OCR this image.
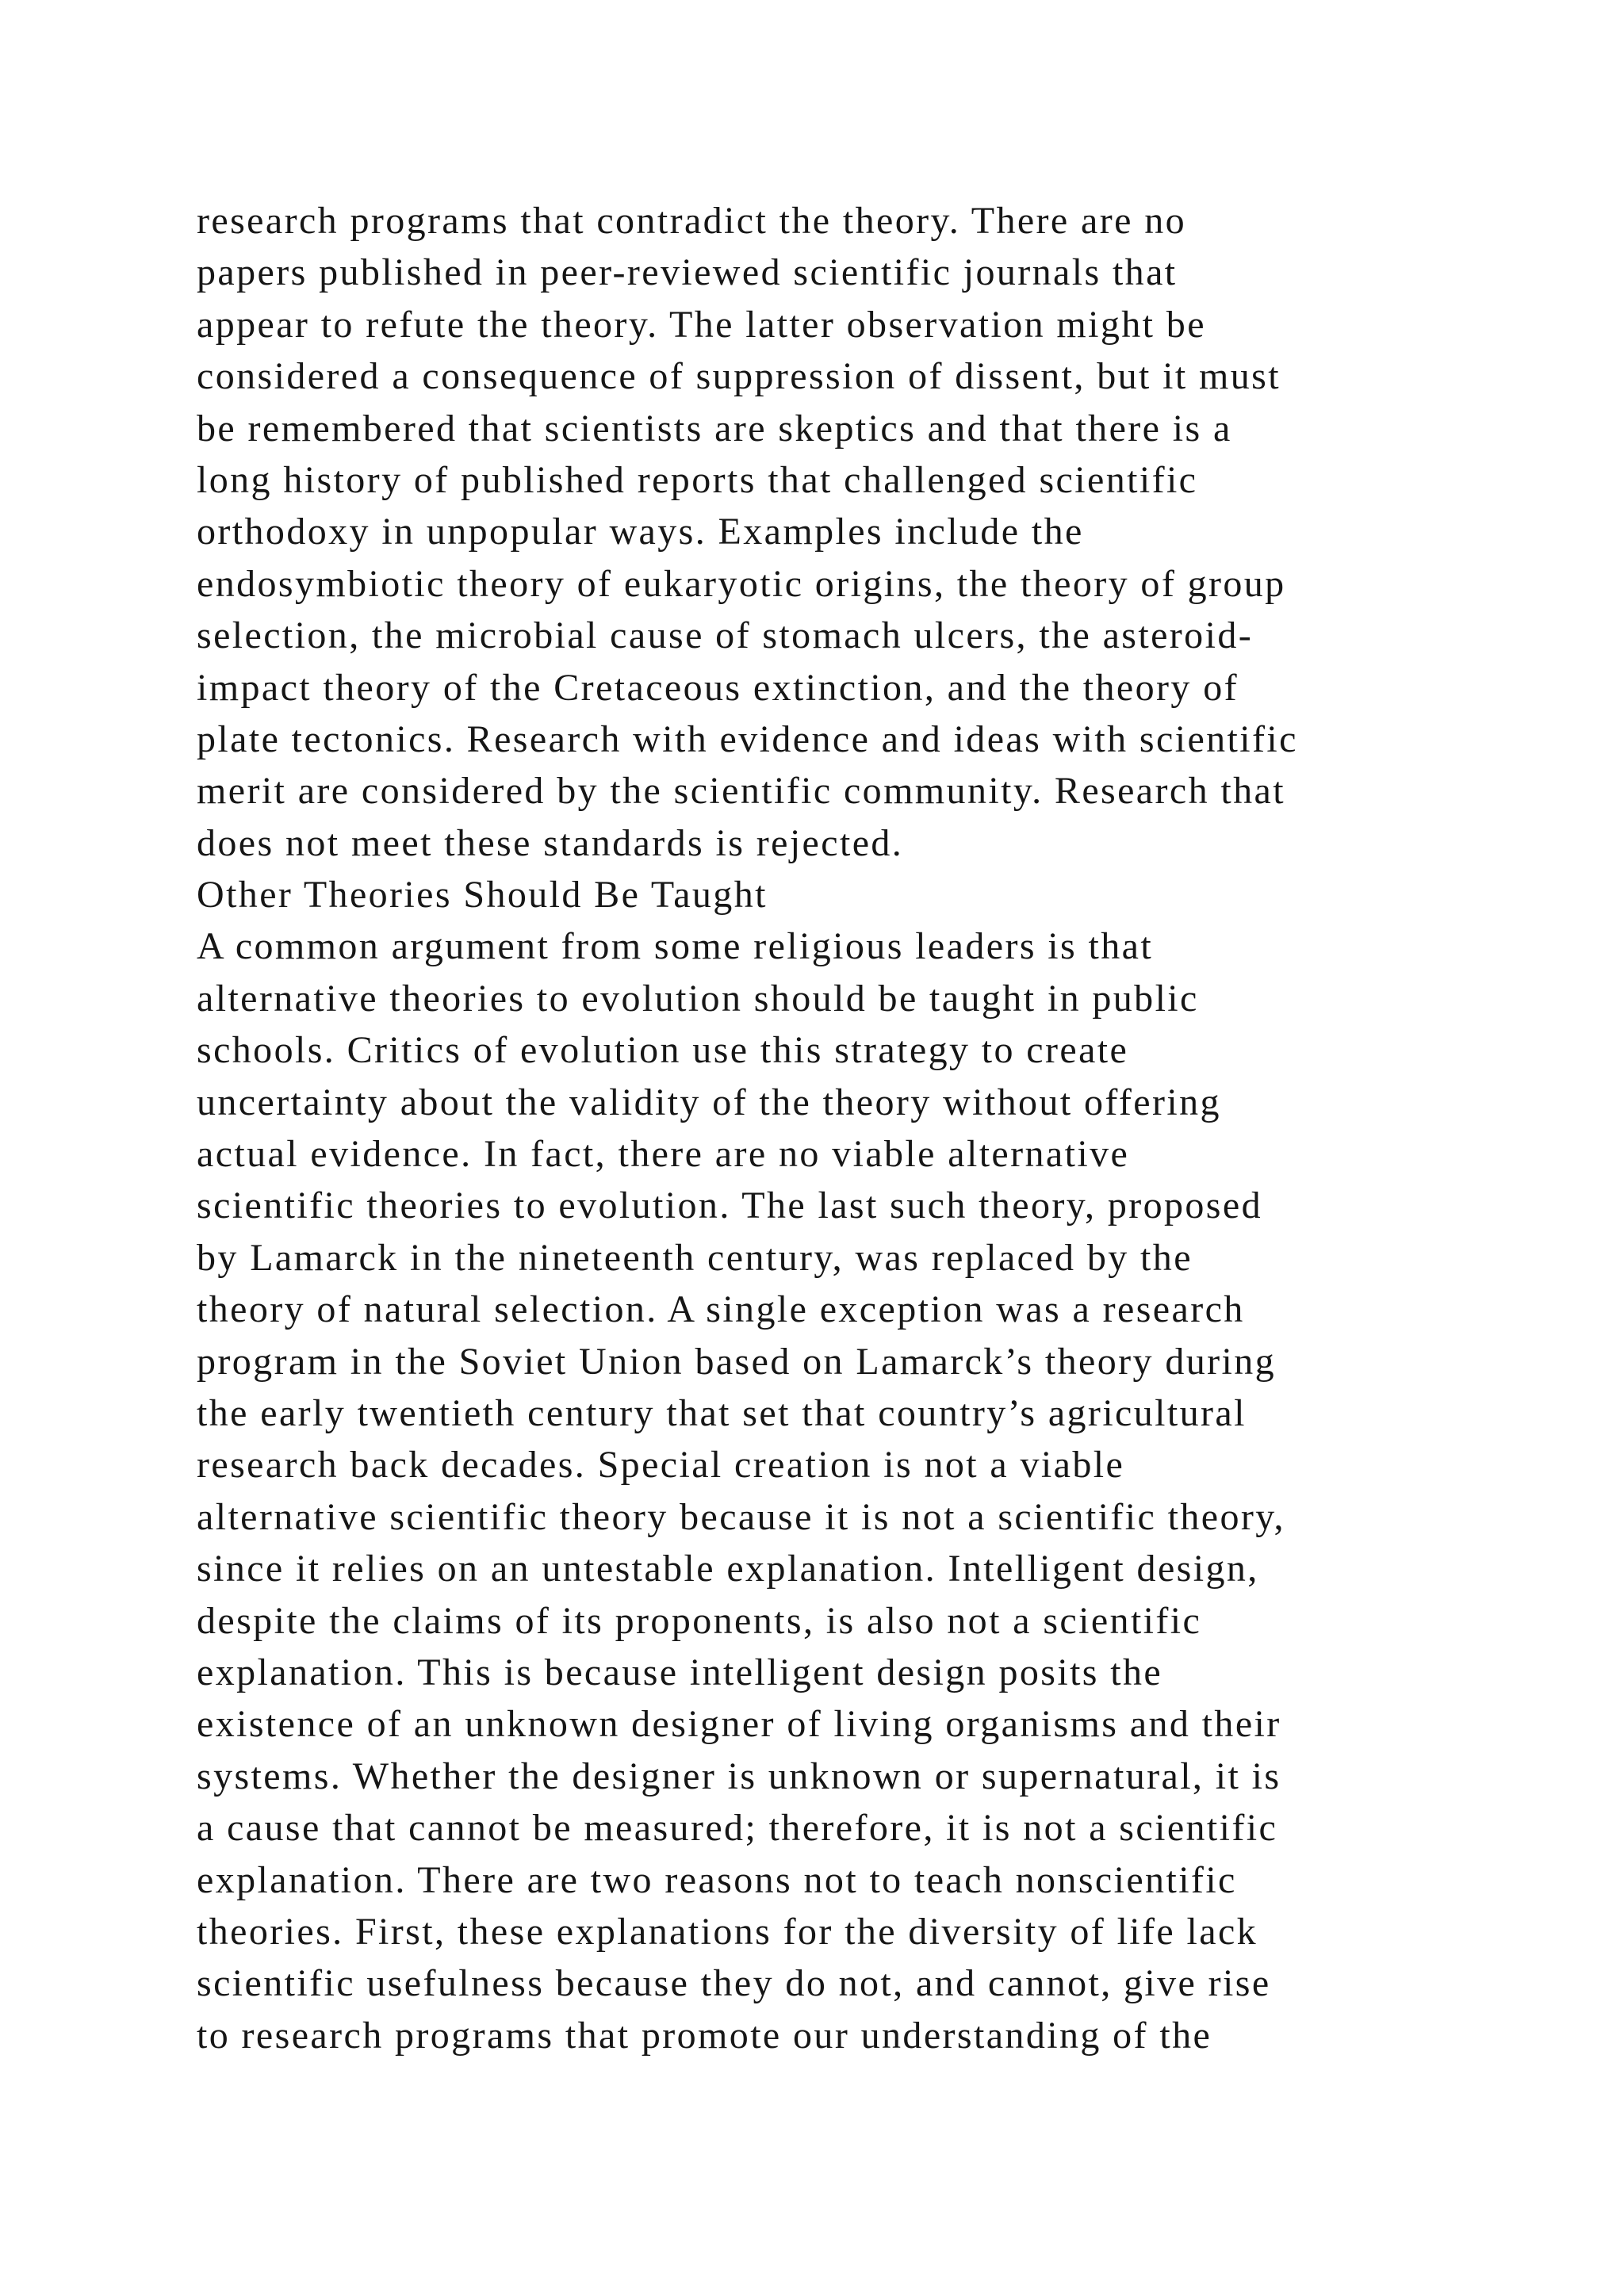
research programs that contradict the theory. There are no
papers published in peer-reviewed scientific journals that
appear to refute the theory. The latter observation might be
considered a consequence of suppression of dissent, but it must
be remembered that scientists are skeptics and that there is a
long history of published reports that challenged scientific
orthodoxy in unpopular ways. Examples include the
endosymbiotic theory of eukaryotic origins, the theory of group
selection, the microbial cause of stomach ulcers, the asteroid-
impact theory of the Cretaceous extinction, and the theory of
plate tectonics. Research with evidence and ideas with scientific
merit are considered by the scientific community. Research that
does not meet these standards is rejected.
Other Theories Should Be Taught
A common argument from some religious leaders is that
alternative theories to evolution should be taught in public
schools. Critics of evolution use this strategy to create
uncertainty about the validity of the theory without offering
actual evidence. In fact, there are no viable alternative
scientific theories to evolution. The last such theory, proposed
by Lamarck in the nineteenth century, was replaced by the
theory of natural selection. A single exception was a research
program in the Soviet Union based on Lamarck’s theory during
the early twentieth century that set that country’s agricultural
research back decades. Special creation is not a viable
alternative scientific theory because it is not a scientific theory,
since it relies on an untestable explanation. Intelligent design,
despite the claims of its proponents, is also not a scientific
explanation. This is because intelligent design posits the
existence of an unknown designer of living organisms and their
systems. Whether the designer is unknown or supernatural, it is
a cause that cannot be measured; therefore, it is not a scientific
explanation. There are two reasons not to teach nonscientific
theories. First, these explanations for the diversity of life lack
scientific usefulness because they do not, and cannot, give rise
to research programs that promote our understanding of the
